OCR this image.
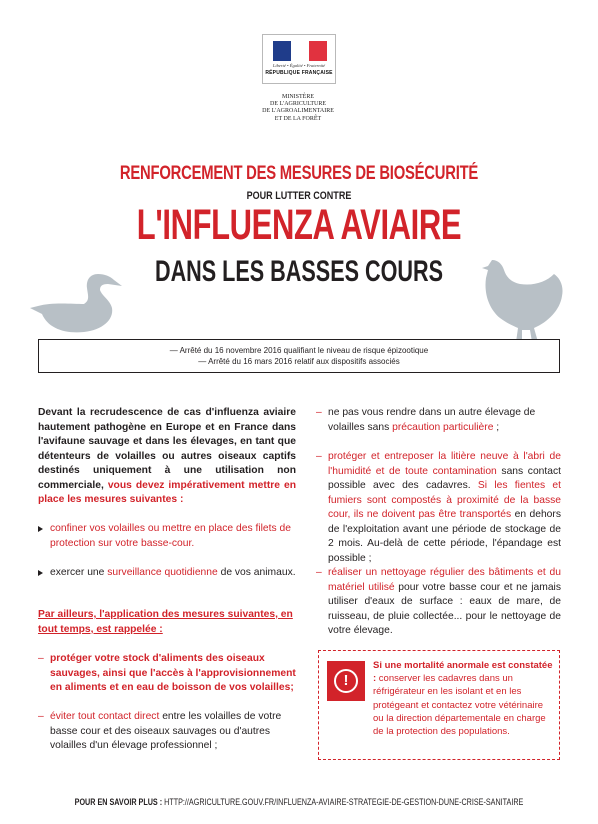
Liberté • Égalité • Fraternité
RÉPUBLIQUE FRANÇAISE
MINISTÈRE
DE L'AGRICULTURE
DE L'AGROALIMENTAIRE
ET DE LA FORÊT
RENFORCEMENT DES MESURES DE BIOSÉCURITÉ
POUR LUTTER CONTRE
L'INFLUENZA AVIAIRE
DANS LES BASSES COURS
— Arrêté du 16 novembre 2016 qualifiant le niveau de risque épizootique
— Arrêté du 16 mars 2016 relatif aux dispositifs associés
Devant la recrudescence de cas d'influenza aviaire hautement pathogène en Europe et en France dans l'avifaune sauvage et dans les élevages, en tant que détenteurs de volailles ou autres oiseaux captifs destinés uniquement à une utilisation non commerciale, vous devez impérativement mettre en place les mesures suivantes :
confiner vos volailles ou mettre en place des filets de protection sur votre basse-cour.
exercer une surveillance quotidienne de vos animaux.
Par ailleurs, l'application des mesures suivantes, en tout temps, est rappelée :
– protéger votre stock d'aliments des oiseaux sauvages, ainsi que l'accès à l'approvisionnement en aliments et en eau de boisson de vos volailles;
– éviter tout contact direct entre les volailles de votre basse cour et des oiseaux sauvages ou d'autres volailles d'un élevage professionnel ;
– ne pas vous rendre dans un autre élevage de volailles sans précaution particulière ;
– protéger et entreposer la litière neuve à l'abri de l'humidité et de toute contamination sans contact possible avec des cadavres. Si les fientes et fumiers sont compostés à proximité de la basse cour, ils ne doivent pas être transportés en dehors de l'exploitation avant une période de stockage de 2 mois. Au-delà de cette période, l'épandage est possible ;
– réaliser un nettoyage régulier des bâtiments et du matériel utilisé pour votre basse cour et ne jamais utiliser d'eaux de surface : eaux de mare, de ruisseau, de pluie collectée... pour le nettoyage de votre élevage.
!
Si une mortalité anormale est constatée : conserver les cadavres dans un réfrigérateur en les isolant et en les protégeant et contactez votre vétérinaire ou la direction départementale en charge de la protection des populations.
POUR EN SAVOIR PLUS : HTTP://AGRICULTURE.GOUV.FR/INFLUENZA-AVIAIRE-STRATEGIE-DE-GESTION-DUNE-CRISE-SANITAIRE
